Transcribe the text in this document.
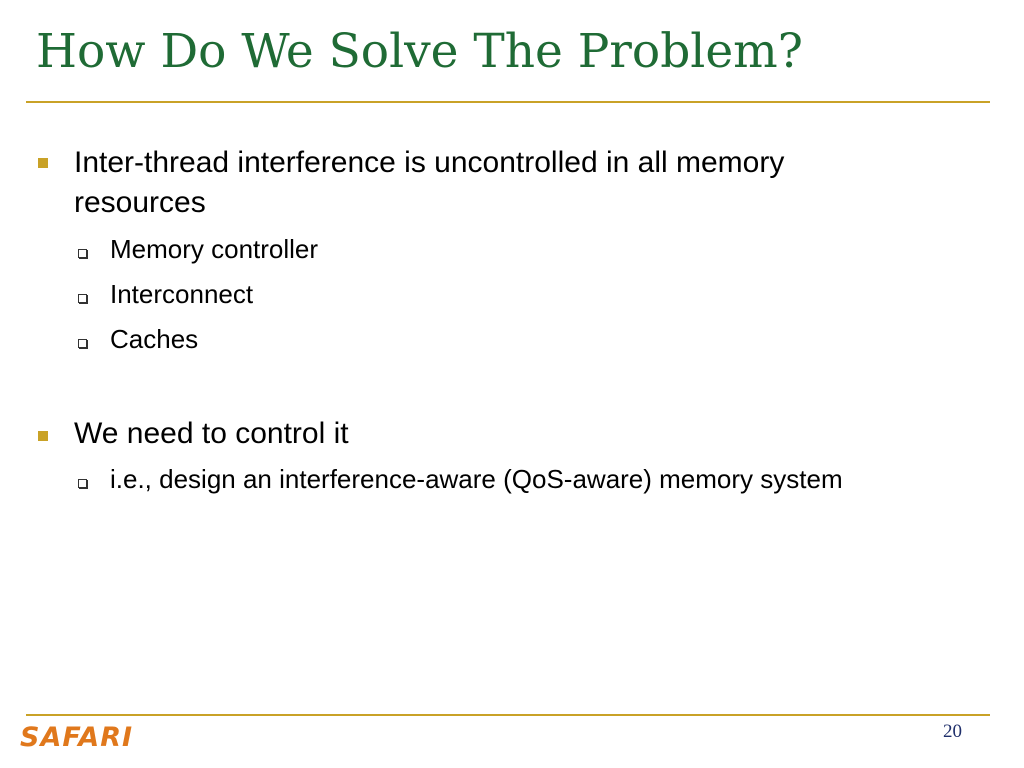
How Do We Solve The Problem?
Inter-thread interference is uncontrolled in all memory
resources
Memory controller
Interconnect
Caches
We need to control it
i.e., design an interference-aware (QoS-aware) memory system
SAFARI	20
